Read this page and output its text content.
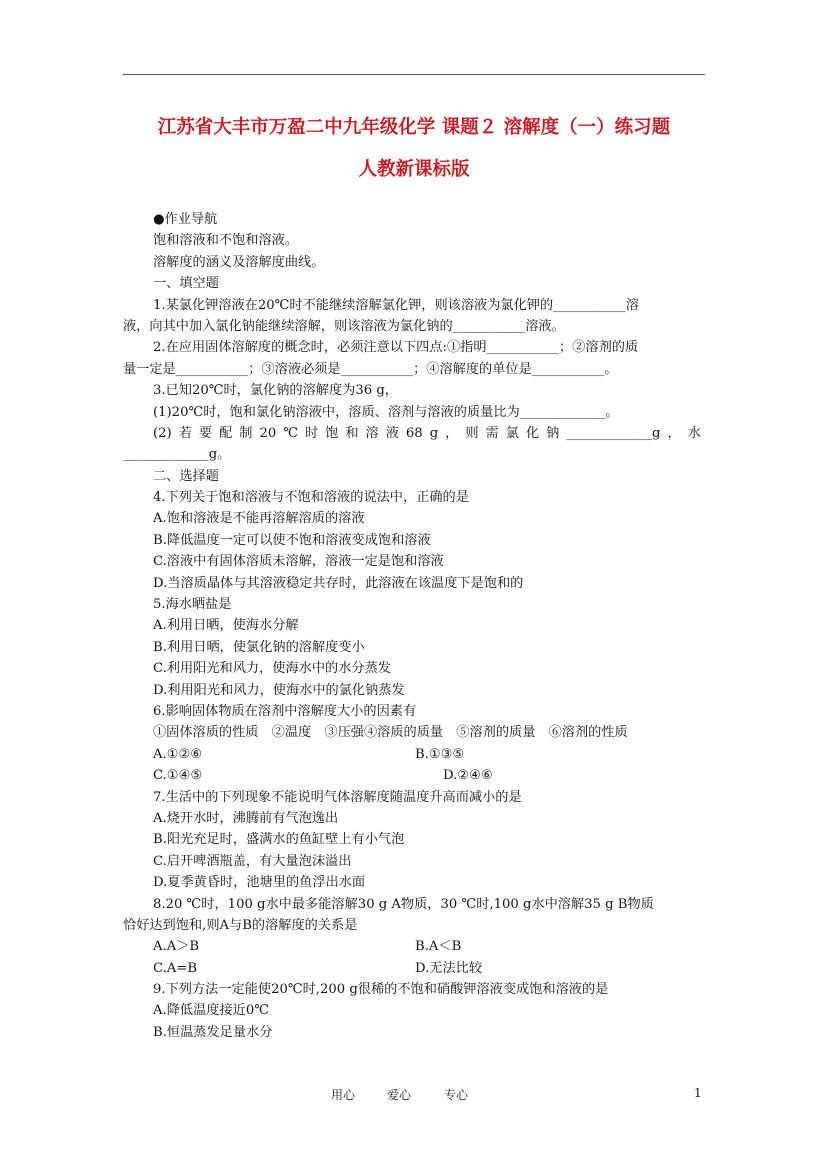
江苏省大丰市万盈二中九年级化学 课题２ 溶解度（一）练习题
人教新课标版
●作业导航
饱和溶液和不饱和溶液。
溶解度的涵义及溶解度曲线。
一、填空题
1.某氯化钾溶液在20℃时不能继续溶解氯化钾，则该溶液为氯化钾的___________溶
液，向其中加入氯化钠能继续溶解，则该溶液为氯化钠的___________溶液。
2.在应用固体溶解度的概念时，必须注意以下四点:①指明___________；②溶剂的质
量一定是___________；③溶液必须是___________；④溶解度的单位是___________。
3.已知20℃时，氯化钠的溶解度为36 g，
(1)20℃时，饱和氯化钠溶液中，溶质、溶剂与溶液的质量比为_____________。
(2) 若 要 配 制 20 ℃ 时 饱 和 溶 液 68 g ， 则 需 氯 化 钠 _____________g ， 水
_____________g。
二、选择题
4.下列关于饱和溶液与不饱和溶液的说法中，正确的是
A.饱和溶液是不能再溶解溶质的溶液
B.降低温度一定可以使不饱和溶液变成饱和溶液
C.溶液中有固体溶质未溶解，溶液一定是饱和溶液
D.当溶质晶体与其溶液稳定共存时，此溶液在该温度下是饱和的
5.海水晒盐是
A.利用日晒，使海水分解
B.利用日晒，使氯化钠的溶解度变小
C.利用阳光和风力，使海水中的水分蒸发
D.利用阳光和风力，使海水中的氯化钠蒸发
6.影响固体物质在溶剂中溶解度大小的因素有
①固体溶质的性质　②温度　③压强④溶质的质量　⑤溶剂的质量　⑥溶剂的性质
A.①②⑥	B.①③⑤
C.①④⑤	D.②④⑥
7.生活中的下列现象不能说明气体溶解度随温度升高而减小的是
A.烧开水时，沸腾前有气泡逸出
B.阳光充足时，盛满水的鱼缸壁上有小气泡
C.启开啤酒瓶盖，有大量泡沫溢出
D.夏季黄昏时，池塘里的鱼浮出水面
8.20 ℃时，100 g水中最多能溶解30 g A物质，30 ℃时,100 g水中溶解35 g B物质
恰好达到饱和,则A与B的溶解度的关系是
A.A＞B	B.A＜B
C.A=B	D.无法比较
9.下列方法一定能使20℃时,200 g很稀的不饱和硝酸钾溶液变成饱和溶液的是
A.降低温度接近0℃
B.恒温蒸发足量水分
用心	爱心	专心	1
